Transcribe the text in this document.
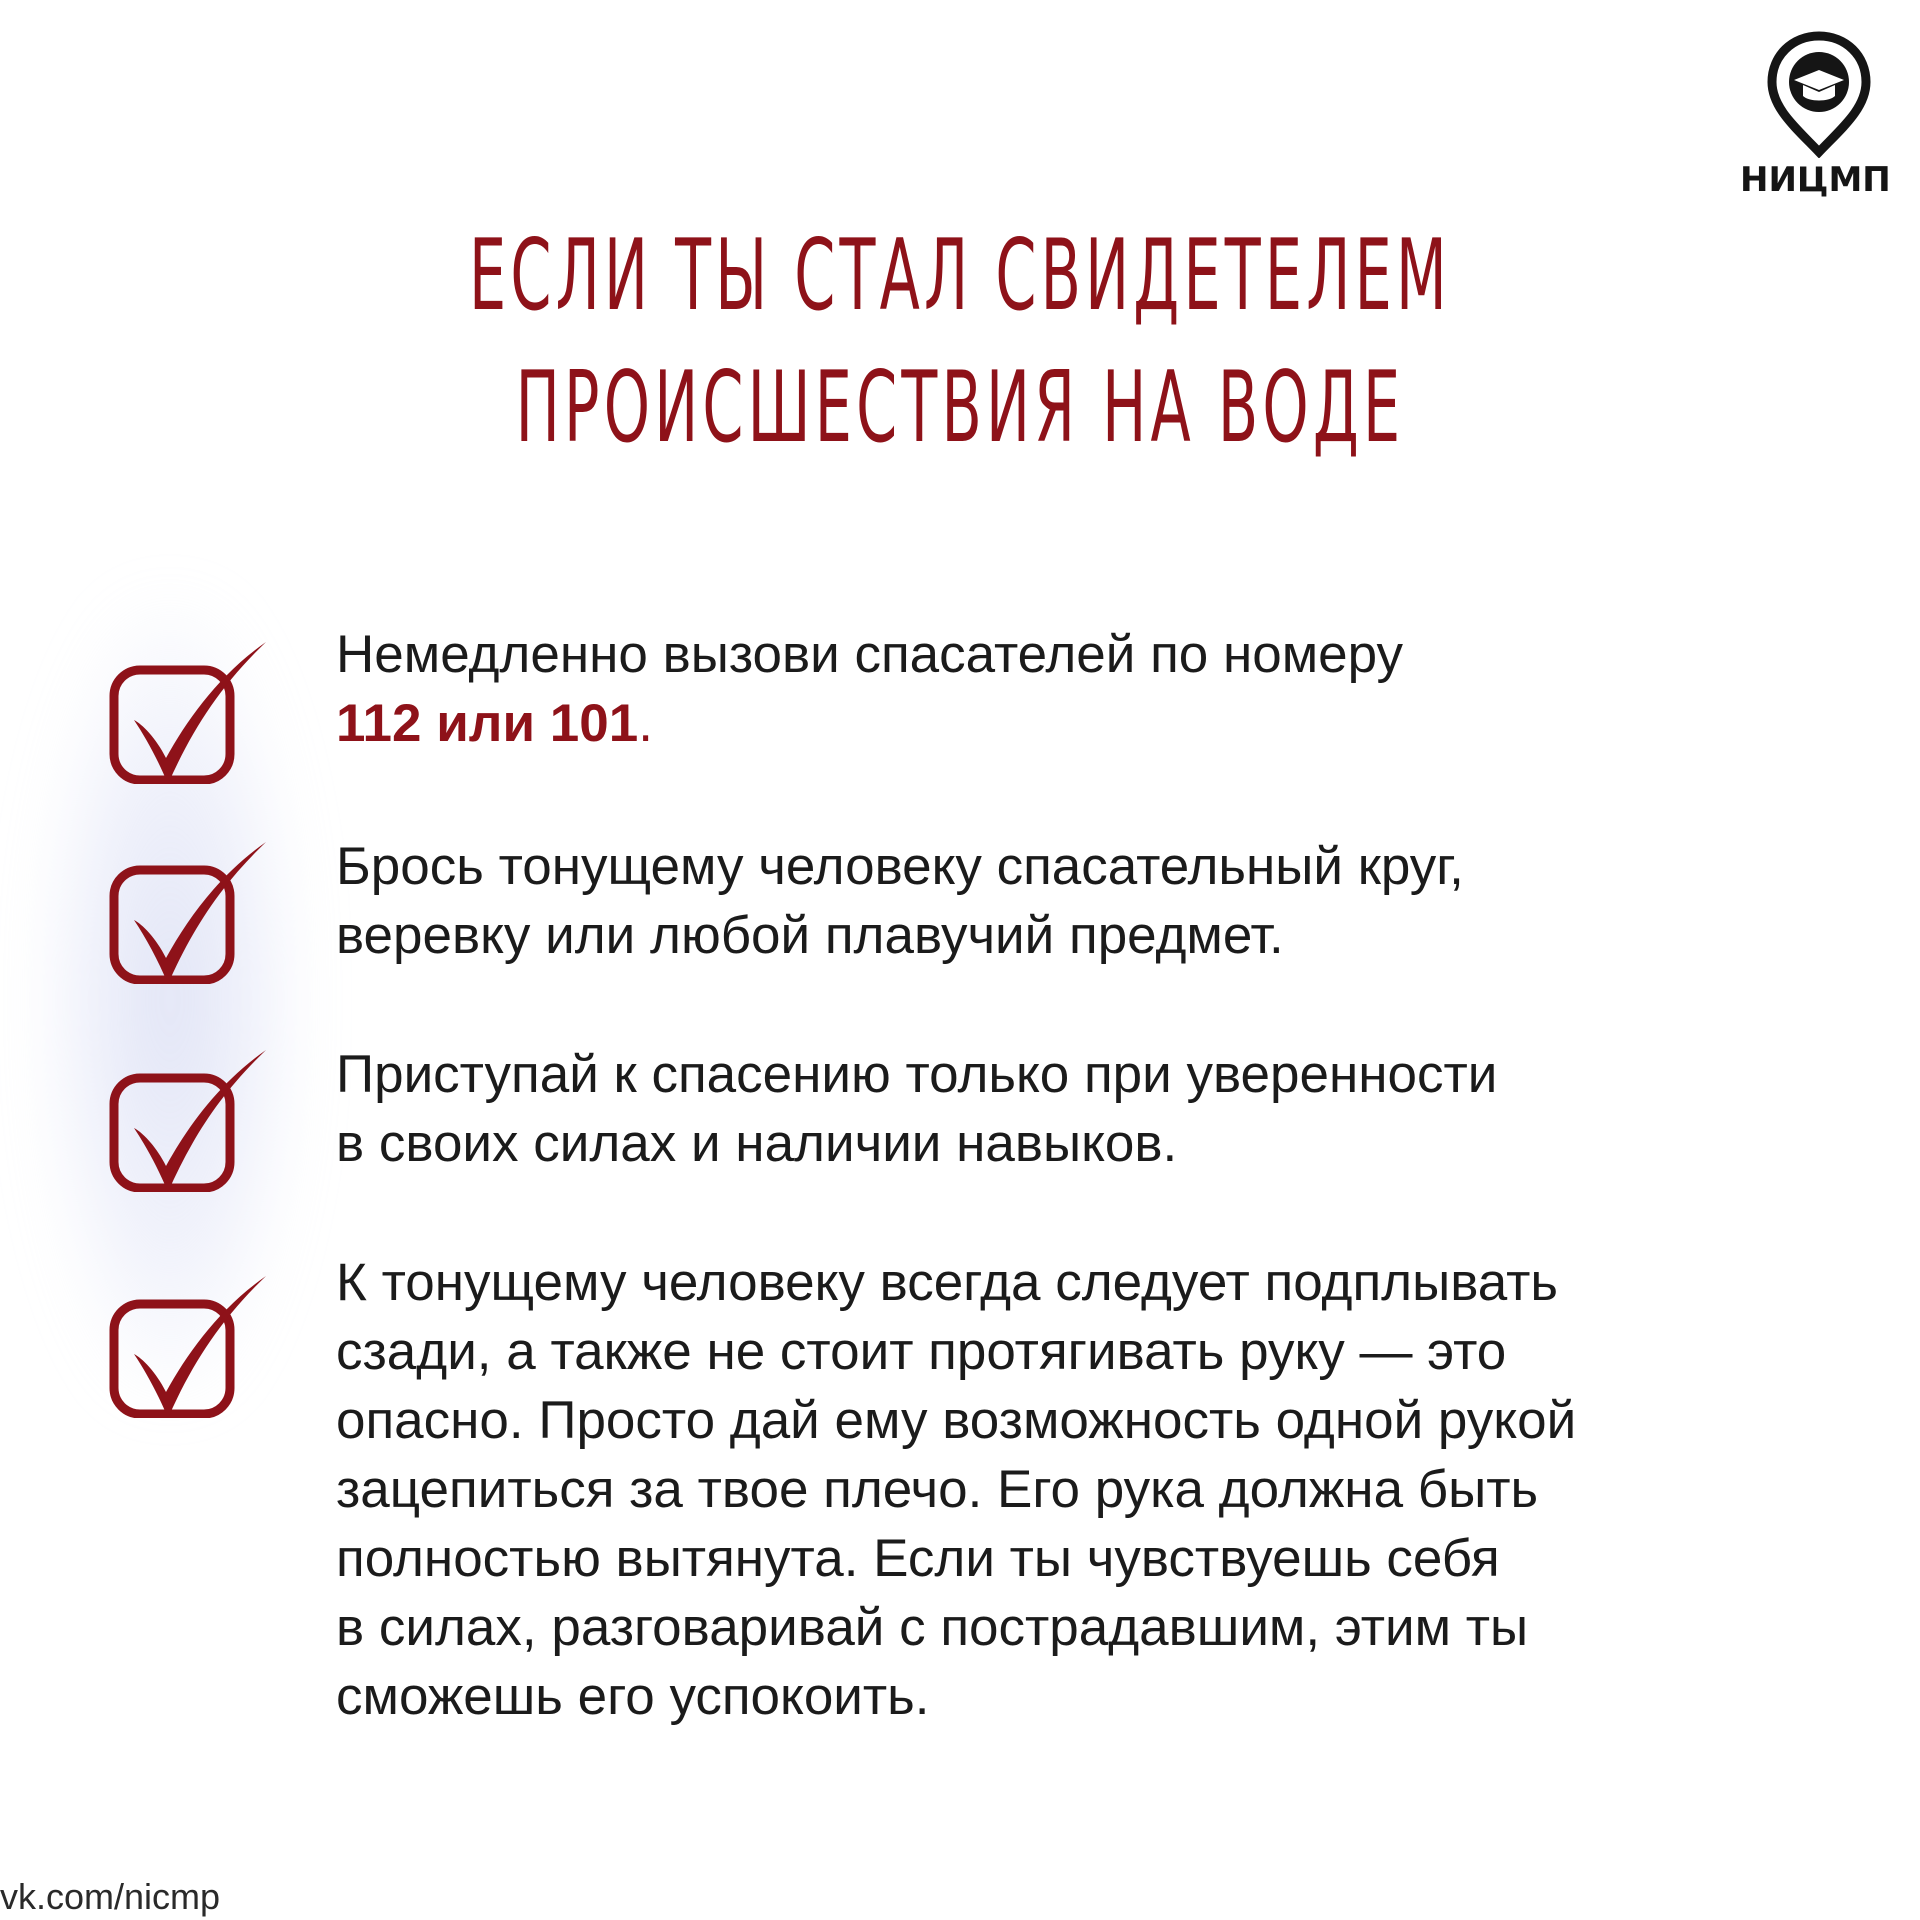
НИЦМП
ЕСЛИ ТЫ СТАЛ СВИДЕТЕЛЕМ
ПРОИСШЕСТВИЯ НА ВОДЕ
Немедленно вызови спасателей по номеру
112 или 101.
Брось тонущему человеку спасательный круг,
веревку или любой плавучий предмет.
Приступай к спасению только при уверенности
в своих силах и наличии навыков.
К тонущему человеку всегда следует подплывать
сзади, а также не стоит протягивать руку — это
опасно. Просто дай ему возможность одной рукой
зацепиться за твое плечо. Его рука должна быть
полностью вытянута. Если ты чувствуешь себя
в силах, разговаривай с пострадавшим, этим ты
сможешь его успокоить.
vk.com/nicmp
